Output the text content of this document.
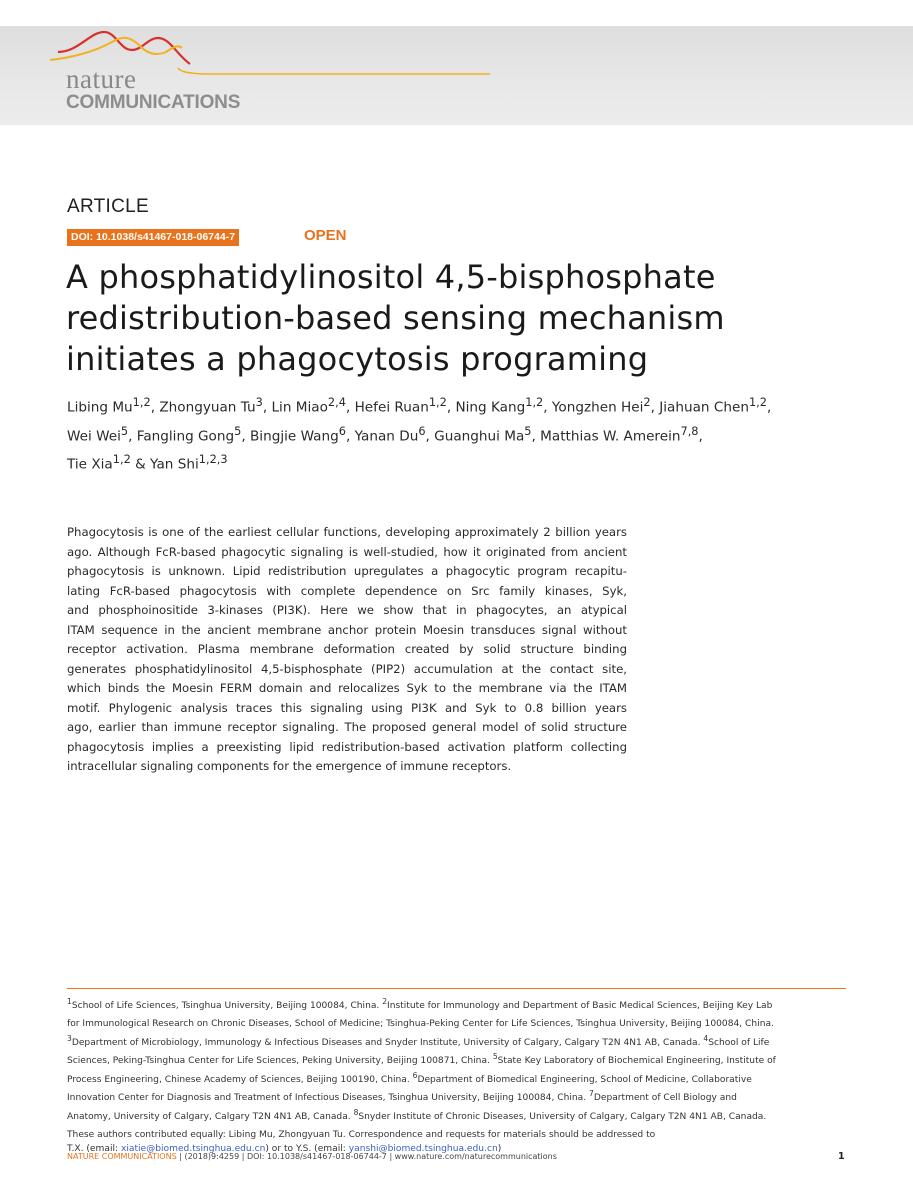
nature
COMMUNICATIONS
ARTICLE
DOI: 10.1038/s41467-018-06744-7	OPEN
A phosphatidylinositol 4,5-bisphosphate
redistribution-based sensing mechanism
initiates a phagocytosis programing
Libing Mu$^{1,2}$, Zhongyuan Tu$^3$, Lin Miao$^{2,4}$, Hefei Ruan$^{1,2}$, Ning Kang$^{1,2}$, Yongzhen Hei$^2$, Jiahuan Chen$^{1,2}$,
Wei Wei$^5$, Fangling Gong$^5$, Bingjie Wang$^6$, Yanan Du$^6$, Guanghui Ma$^5$, Matthias W. Amerein$^{7,8}$,
Tie Xia$^{1,2}$ & Yan Shi$^{1,2,3}$
Phagocytosis is one of the earliest cellular functions, developing approximately 2 billion years
ago. Although FcR-based phagocytic signaling is well-studied, how it originated from ancient
phagocytosis is unknown. Lipid redistribution upregulates a phagocytic program recapitu-
lating FcR-based phagocytosis with complete dependence on Src family kinases, Syk,
and phosphoinositide 3-kinases (PI3K). Here we show that in phagocytes, an atypical
ITAM sequence in the ancient membrane anchor protein Moesin transduces signal without
receptor activation. Plasma membrane deformation created by solid structure binding
generates phosphatidylinositol 4,5-bisphosphate (PIP2) accumulation at the contact site,
which binds the Moesin FERM domain and relocalizes Syk to the membrane via the ITAM
motif. Phylogenic analysis traces this signaling using PI3K and Syk to 0.8 billion years
ago, earlier than immune receptor signaling. The proposed general model of solid structure
phagocytosis implies a preexisting lipid redistribution-based activation platform collecting
intracellular signaling components for the emergence of immune receptors.
$^1$School of Life Sciences, Tsinghua University, Beijing 100084, China. $^2$Institute for Immunology and Department of Basic Medical Sciences, Beijing Key Lab
for Immunological Research on Chronic Diseases, School of Medicine; Tsinghua-Peking Center for Life Sciences, Tsinghua University, Beijing 100084, China.
$^3$Department of Microbiology, Immunology & Infectious Diseases and Snyder Institute, University of Calgary, Calgary T2N 4N1 AB, Canada. $^4$School of Life
Sciences, Peking-Tsinghua Center for Life Sciences, Peking University, Beijing 100871, China. $^5$State Key Laboratory of Biochemical Engineering, Institute of
Process Engineering, Chinese Academy of Sciences, Beijing 100190, China. $^6$Department of Biomedical Engineering, School of Medicine, Collaborative
Innovation Center for Diagnosis and Treatment of Infectious Diseases, Tsinghua University, Beijing 100084, China. $^7$Department of Cell Biology and
Anatomy, University of Calgary, Calgary T2N 4N1 AB, Canada. $^8$Snyder Institute of Chronic Diseases, University of Calgary, Calgary T2N 4N1 AB, Canada.
These authors contributed equally: Libing Mu, Zhongyuan Tu. Correspondence and requests for materials should be addressed to
T.X. (email: xiatie@biomed.tsinghua.edu.cn) or to Y.S. (email: yanshi@biomed.tsinghua.edu.cn)
NATURE COMMUNICATIONS | (2018)9:4259 | DOI: 10.1038/s41467-018-06744-7 | www.nature.com/naturecommunications	1
